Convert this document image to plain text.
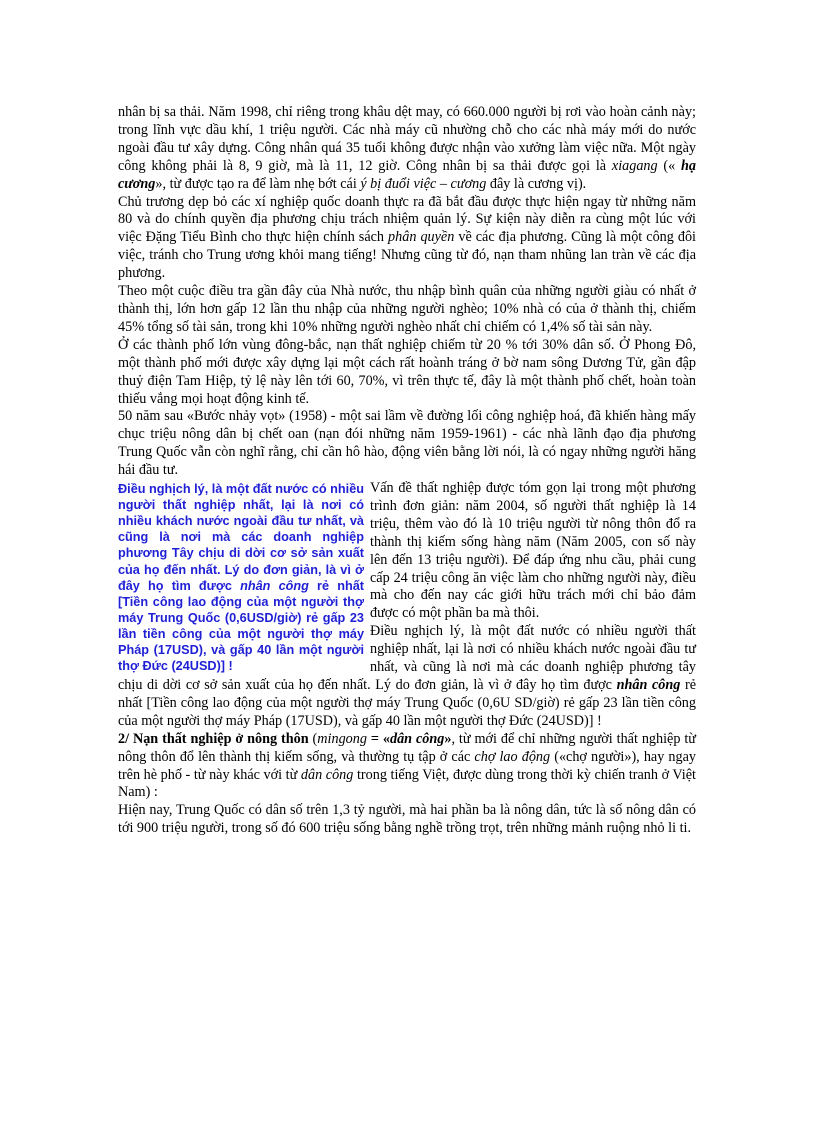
nhân bị sa thải. Năm 1998, chỉ riêng trong khâu dệt may, có 660.000 người bị rơi vào hoàn cảnh này; trong lĩnh vực dầu khí, 1 triệu người. Các nhà máy cũ nhường chỗ cho các nhà máy mới do nước ngoài đầu tư xây dựng. Công nhân quá 35 tuổi không được nhận vào xưởng làm việc nữa. Một ngày công không phải là 8, 9 giờ, mà là 11, 12 giờ. Công nhân bị sa thải được gọi là xiagang (« hạ cương», từ được tạo ra để làm nhẹ bớt cái ý bị đuổi việc – cương đây là cương vị).

Chủ trương dẹp bỏ các xí nghiệp quốc doanh thực ra đã bắt đầu được thực hiện ngay từ những năm 80 và do chính quyền địa phương chịu trách nhiệm quản lý. Sự kiện này diễn ra cùng một lúc với việc Đặng Tiểu Bình cho thực hiện chính sách phân quyền về các địa phương. Cũng là một công đôi việc, tránh cho Trung ương khỏi mang tiếng! Nhưng cũng từ đó, nạn tham nhũng lan tràn về các địa phương.

Theo một cuộc điều tra gần đây của Nhà nước, thu nhập bình quân của những người giàu có nhất ở thành thị, lớn hơn gấp 12 lần thu nhập của những người nghèo; 10% nhà có của ở thành thị, chiếm 45% tổng số tài sản, trong khi 10% những người nghèo nhất chỉ chiếm có 1,4% số tài sản này.

Ở các thành phố lớn vùng đông-bắc, nạn thất nghiệp chiếm từ 20 % tới 30% dân số. Ở Phong Đô, một thành phố mới được xây dựng lại một cách rất hoành tráng ở bờ nam sông Dương Tử, gần đập thuỷ điện Tam Hiệp, tỷ lệ này lên tới 60, 70%, vì trên thực tế, đây là một thành phố chết, hoàn toàn thiếu vắng mọi hoạt động kinh tế.

50 năm sau «Bước nhảy vọt» (1958) - một sai lầm về đường lối công nghiệp hoá, đã khiến hàng mấy chục triệu nông dân bị chết oan (nạn đói những năm 1959-1961) - các nhà lãnh đạo địa phương Trung Quốc vẫn còn nghĩ rằng, chỉ cần hô hào, động viên bằng lời nói, là có ngay những người hăng hái đầu tư.

Điều nghịch lý, là một đất nước có nhiều người thất nghiệp nhất, lại là nơi có nhiều khách nước ngoài đầu tư nhất, và cũng là nơi mà các doanh nghiệp phương Tây chịu di dời cơ sở sản xuất của họ đến nhất. Lý do đơn giản, là vì ở đây họ tìm được nhân công rẻ nhất [Tiền công lao động của một người thợ máy Trung Quốc (0,6USD/giờ) rẻ gấp 23 lần tiền công của một người thợ máy Pháp (17USD), và gấp 40 lần một người thợ Đức (24USD)] !

Vấn đề thất nghiệp được tóm gọn lại trong một phương trình đơn giản: năm 2004, số người thất nghiệp là 14 triệu, thêm vào đó là 10 triệu người từ nông thôn đổ ra thành thị kiếm sống hàng năm (Năm 2005, con số này lên đến 13 triệu người). Để đáp ứng nhu cầu, phải cung cấp 24 triệu công ăn việc làm cho những người này, điều mà cho đến nay các giới hữu trách mới chỉ bảo đảm được có một phần ba mà thôi.

Điều nghịch lý, là một đất nước có nhiều người thất nghiệp nhất, lại là nơi có nhiều khách nước ngoài đầu tư nhất, và cũng là nơi mà các doanh nghiệp phương tây chịu di dời cơ sở sản xuất của họ đến nhất. Lý do đơn giản, là vì ở đây họ tìm được nhân công rẻ nhất [Tiền công lao động của một người thợ máy Trung Quốc (0,6U SD/giờ) rẻ gấp 23 lần tiền công của một người thợ máy Pháp (17USD), và gấp 40 lần một người thợ Đức (24USD)] !

2/ Nạn thất nghiệp ở nông thôn (mingong = «dân công», từ mới để chỉ những người thất nghiệp từ nông thôn đổ lên thành thị kiếm sống, và thường tụ tập ở các chợ lao động («chợ người»), hay ngay trên hè phố - từ này khác với từ dân công trong tiếng Việt, được dùng trong thời kỳ chiến tranh ở Việt Nam) :

Hiện nay, Trung Quốc có dân số trên 1,3 tỷ người, mà hai phần ba là nông dân, tức là số nông dân có tới 900 triệu người, trong số đó 600 triệu sống bằng nghề trồng trọt, trên những mảnh ruộng nhỏ li ti.
